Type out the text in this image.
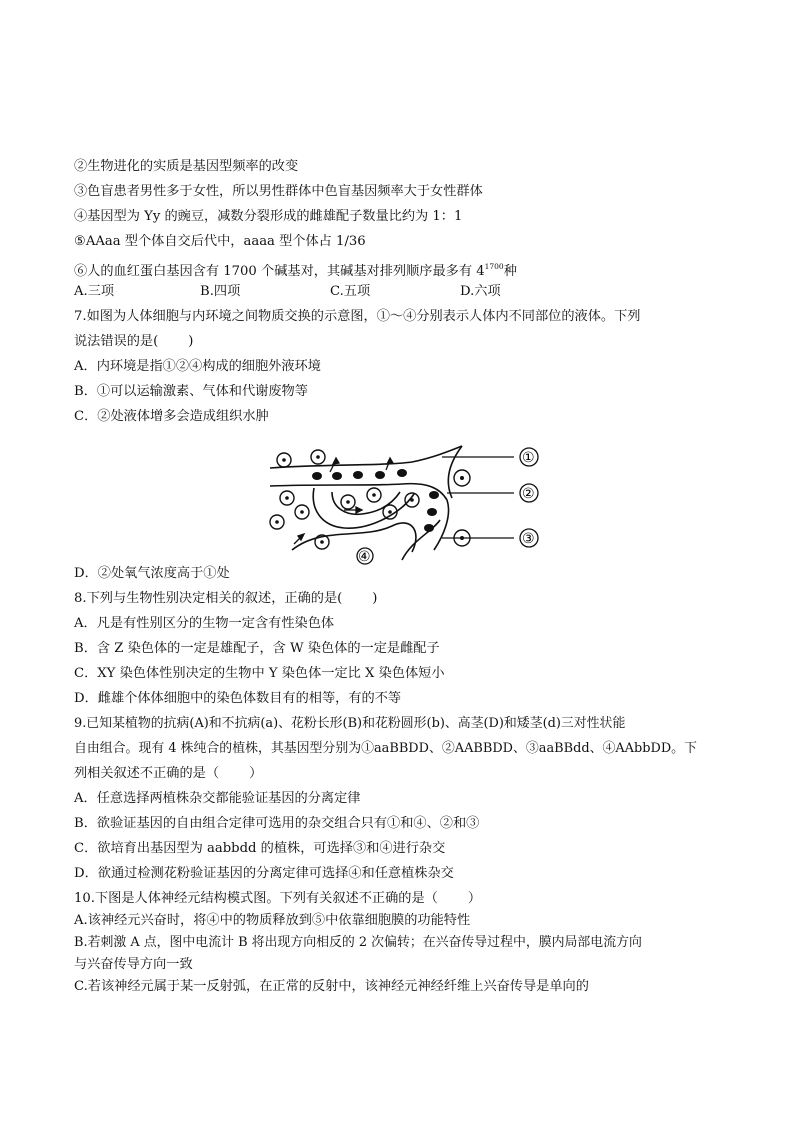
②生物进化的实质是基因型频率的改变

③色盲患者男性多于女性，所以男性群体中色盲基因频率大于女性群体

④基因型为 Yy 的豌豆，减数分裂形成的雌雄配子数量比约为 1：1

⑤AAaa 型个体自交后代中，aaaa 型个体占 1/36

⑥人的血红蛋白基因含有 1700 个碱基对，其碱基对排列顺序最多有 $4^{1700}$种

A.三项	B.四项	C.五项	D.六项

7.如图为人体细胞与内环境之间物质交换的示意图，①～④分别表示人体内不同部位的液体。下列

说法错误的是( )

A．内环境是指①②④构成的细胞外液环境

B．①可以运输激素、气体和代谢废物等

C．②处液体增多会造成组织水肿

①
②
③
④

D．②处氧气浓度高于①处

8.下列与生物性别决定相关的叙述，正确的是( )

A．凡是有性别区分的生物一定含有性染色体

B．含 Z 染色体的一定是雄配子，含 W 染色体的一定是雌配子

C．XY 染色体性别决定的生物中 Y 染色体一定比 X 染色体短小

D．雌雄个体体细胞中的染色体数目有的相等，有的不等

9.已知某植物的抗病(A)和不抗病(a)、花粉长形(B)和花粉圆形(b)、高茎(D)和矮茎(d)三对性状能

自由组合。现有 4 株纯合的植株，其基因型分别为①aaBBDD、②AABBDD、③aaBBdd、④AAbbDD。下

列相关叙述不正确的是（ ）

A．任意选择两植株杂交都能验证基因的分离定律

B．欲验证基因的自由组合定律可选用的杂交组合只有①和④、②和③

C．欲培育出基因型为 aabbdd 的植株，可选择③和④进行杂交

D．欲通过检测花粉验证基因的分离定律可选择④和任意植株杂交

10.下图是人体神经元结构模式图。下列有关叙述不正确的是（ ）

A.该神经元兴奋时，将④中的物质释放到⑤中依靠细胞膜的功能特性

B.若刺激 A 点，图中电流计 B 将出现方向相反的 2 次偏转；在兴奋传导过程中，膜内局部电流方向

与兴奋传导方向一致

C.若该神经元属于某一反射弧，在正常的反射中，该神经元神经纤维上兴奋传导是单向的
